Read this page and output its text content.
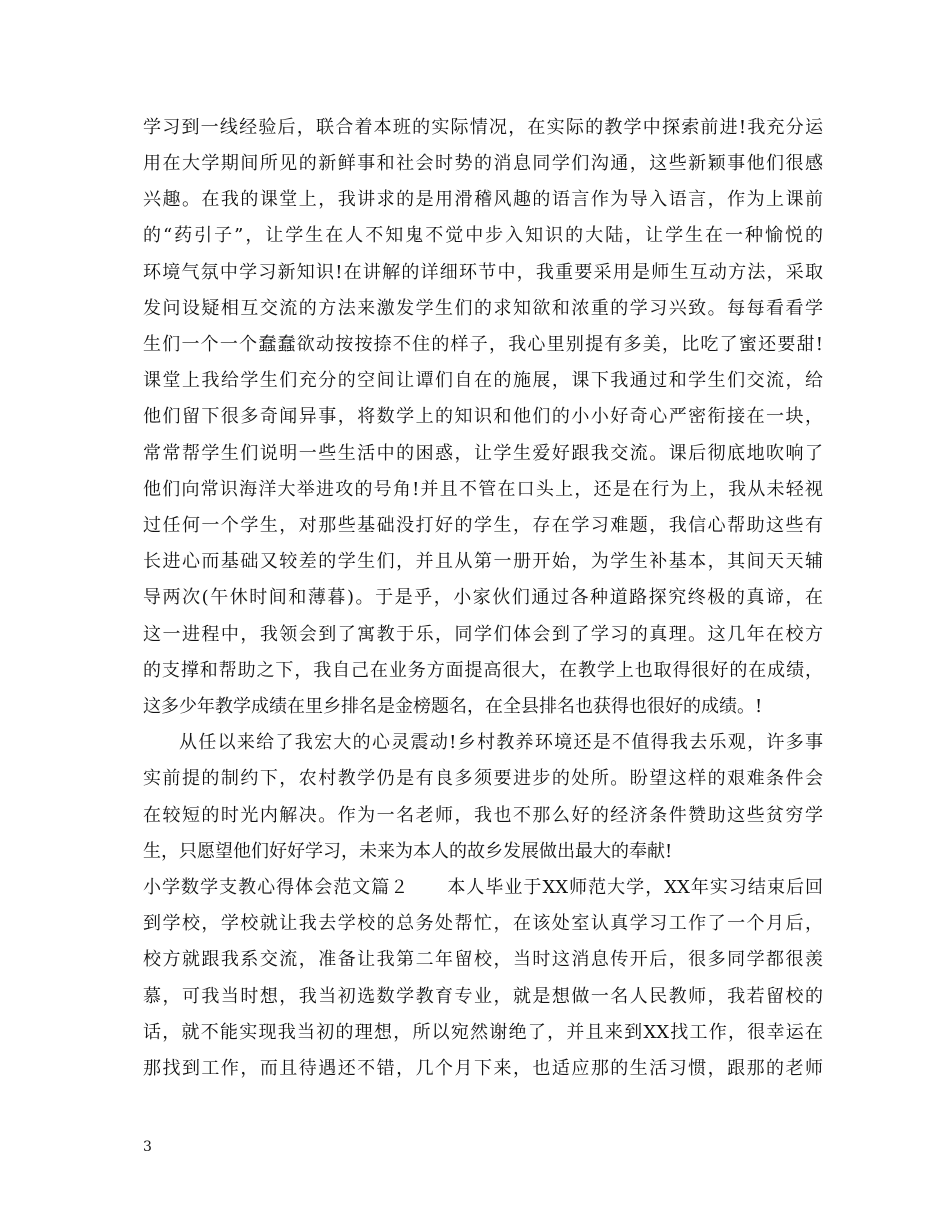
学习到一线经验后，联合着本班的实际情况，在实际的教学中探索前进!我充分运
用在大学期间所见的新鲜事和社会时势的消息同学们沟通，这些新颖事他们很感
兴趣。在我的课堂上，我讲求的是用滑稽风趣的语言作为导入语言，作为上课前
的“药引子”，让学生在人不知鬼不觉中步入知识的大陆，让学生在一种愉悦的
环境气氛中学习新知识!在讲解的详细环节中，我重要采用是师生互动方法，采取
发问设疑相互交流的方法来激发学生们的求知欲和浓重的学习兴致。每每看看学
生们一个一个蠢蠢欲动按按捺不住的样子，我心里别提有多美，比吃了蜜还要甜!
课堂上我给学生们充分的空间让谭们自在的施展，课下我通过和学生们交流，给
他们留下很多奇闻异事，将数学上的知识和他们的小小好奇心严密衔接在一块，
常常帮学生们说明一些生活中的困惑，让学生爱好跟我交流。课后彻底地吹响了
他们向常识海洋大举进攻的号角!并且不管在口头上，还是在行为上，我从未轻视
过任何一个学生，对那些基础没打好的学生，存在学习难题，我信心帮助这些有
长进心而基础又较差的学生们，并且从第一册开始，为学生补基本，其间天天辅
导两次(午休时间和薄暮)。于是乎，小家伙们通过各种道路探究终极的真谛，在
这一进程中，我领会到了寓教于乐，同学们体会到了学习的真理。这几年在校方
的支撑和帮助之下，我自己在业务方面提高很大，在教学上也取得很好的在成绩，
这多少年教学成绩在里乡排名是金榜题名，在全县排名也获得也很好的成绩。!
从任以来给了我宏大的心灵震动!乡村教养环境还是不值得我去乐观，许多事
实前提的制约下，农村教学仍是有良多须要进步的处所。盼望这样的艰难条件会
在较短的时光内解决。作为一名老师，我也不那么好的经济条件赞助这些贫穷学
生，只愿望他们好好学习，未来为本人的故乡发展做出最大的奉献!
小学数学支教心得体会范文篇２　　本人毕业于XX师范大学，XX年实习结束后回
到学校，学校就让我去学校的总务处帮忙，在该处室认真学习工作了一个月后，
校方就跟我系交流，准备让我第二年留校，当时这消息传开后，很多同学都很羡
慕，可我当时想，我当初选数学教育专业，就是想做一名人民教师，我若留校的
话，就不能实现我当初的理想，所以宛然谢绝了，并且来到XX找工作，很幸运在
那找到工作，而且待遇还不错，几个月下来，也适应那的生活习惯，跟那的老师
3
